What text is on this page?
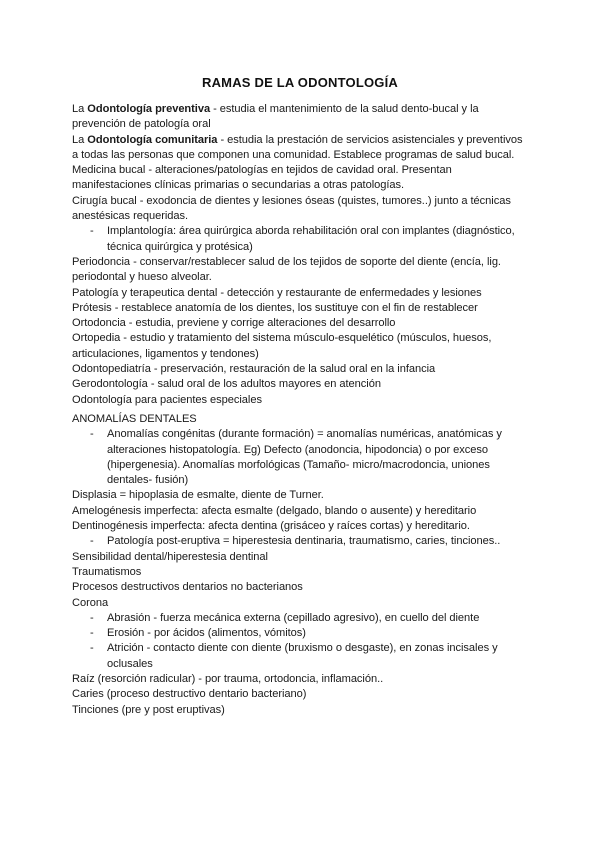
RAMAS DE LA ODONTOLOGÍA
La Odontología preventiva - estudia el mantenimiento de la salud dento-bucal y la
prevención de patología oral
La Odontología comunitaria - estudia la prestación de servicios asistenciales y preventivos
a todas las personas que componen una comunidad. Establece programas de salud bucal.
Medicina bucal - alteraciones/patologías en tejidos de cavidad oral. Presentan
manifestaciones clínicas primarias o secundarias a otras patologías.
Cirugía bucal - exodoncia de dientes y lesiones óseas (quistes, tumores..) junto a técnicas
anestésicas requeridas.
- Implantología: área quirúrgica aborda rehabilitación oral con implantes (diagnóstico,
técnica quirúrgica y protésica)
Periodoncia - conservar/restablecer salud de los tejidos de soporte del diente (encía, lig.
periodontal y hueso alveolar.
Patología y terapeutica dental - detección y restaurante de enfermedades y lesiones
Prótesis - restablece anatomía de los dientes, los sustituye con el fin de restablecer
Ortodoncia - estudia, previene y corrige alteraciones del desarrollo
Ortopedia - estudio y tratamiento del sistema músculo-esquelético (músculos, huesos,
articulaciones, ligamentos y tendones)
Odontopediatría - preservación, restauración de la salud oral en la infancia
Gerodontología - salud oral de los adultos mayores en atención
Odontología para pacientes especiales
ANOMALÍAS DENTALES
- Anomalías congénitas (durante formación) = anomalías numéricas, anatómicas y
alteraciones histopatología. Eg) Defecto (anodoncia, hipodoncia) o por exceso
(hipergenesia). Anomalías morfológicas (Tamaño- micro/macrodoncia, uniones
dentales- fusión)
Displasia = hipoplasia de esmalte, diente de Turner.
Amelogénesis imperfecta: afecta esmalte (delgado, blando o ausente) y hereditario
Dentinogénesis imperfecta: afecta dentina (grisáceo y raíces cortas) y hereditario.
- Patología post-eruptiva = hiperestesia dentinaria, traumatismo, caries, tinciones..
Sensibilidad dental/hiperestesia dentinal
Traumatismos
Procesos destructivos dentarios no bacterianos
Corona
- Abrasión - fuerza mecánica externa (cepillado agresivo), en cuello del diente
- Erosión - por ácidos (alimentos, vómitos)
- Atrición - contacto diente con diente (bruxismo o desgaste), en zonas incisales y
oclusales
Raíz (resorción radicular) - por trauma, ortodoncia, inflamación..
Caries (proceso destructivo dentario bacteriano)
Tinciones (pre y post eruptivas)
